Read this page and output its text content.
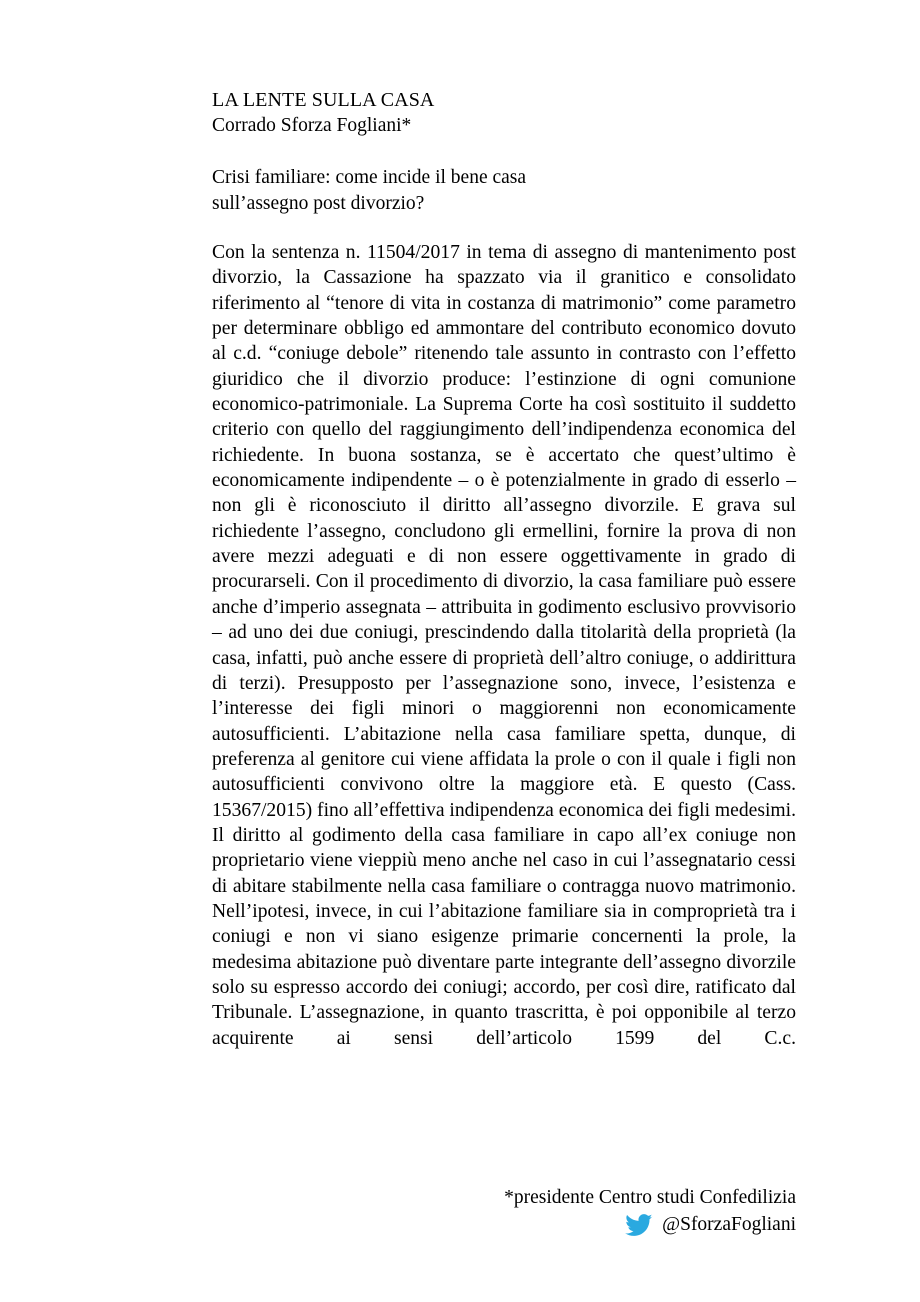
LA LENTE SULLA CASA
Corrado Sforza Fogliani*
Crisi familiare: come incide il bene casa
sull’assegno post divorzio?

Con la sentenza n. 11504/2017 in tema di assegno di mantenimento post divorzio, la Cassazione ha spazzato via il granitico e consolidato riferimento al “tenore di vita in costanza di matrimonio” come parametro per determinare obbligo ed ammontare del contributo economico dovuto al c.d. “coniuge debole” ritenendo tale assunto in contrasto con l’effetto giuridico che il divorzio produce: l’estinzione di ogni comunione economico-patrimoniale. La Suprema Corte ha così sostituito il suddetto criterio con quello del raggiungimento dell’indipendenza economica del richiedente. In buona sostanza, se è accertato che quest’ultimo è economicamente indipendente – o è potenzialmente in grado di esserlo – non gli è riconosciuto il diritto all’assegno divorzile. E grava sul richiedente l’assegno, concludono gli ermellini, fornire la prova di non avere mezzi adeguati e di non essere oggettivamente in grado di procurarseli. Con il procedimento di divorzio, la casa familiare può essere anche d’imperio assegnata – attribuita in godimento esclusivo provvisorio – ad uno dei due coniugi, prescindendo dalla titolarità della proprietà (la casa, infatti, può anche essere di proprietà dell’altro coniuge, o addirittura di terzi). Presupposto per l’assegnazione sono, invece, l’esistenza e l’interesse dei figli minori o maggiorenni non economicamente autosufficienti. L’abitazione nella casa familiare spetta, dunque, di preferenza al genitore cui viene affidata la prole o con il quale i figli non autosufficienti convivono oltre la maggiore età. E questo (Cass. 15367/2015) fino all’effettiva indipendenza economica dei figli medesimi. Il diritto al godimento della casa familiare in capo all’ex coniuge non proprietario viene vieppiù meno anche nel caso in cui l’assegnatario cessi di abitare stabilmente nella casa familiare o contragga nuovo matrimonio. Nell’ipotesi, invece, in cui l’abitazione familiare sia in comproprietà tra i coniugi e non vi siano esigenze primarie concernenti la prole, la medesima abitazione può diventare parte integrante dell’assegno divorzile solo su espresso accordo dei coniugi; accordo, per così dire, ratificato dal Tribunale. L’assegnazione, in quanto trascritta, è poi opponibile al terzo acquirente ai sensi dell’articolo 1599 del C.c.

*presidente Centro studi Confedilizia
@SforzaFogliani
